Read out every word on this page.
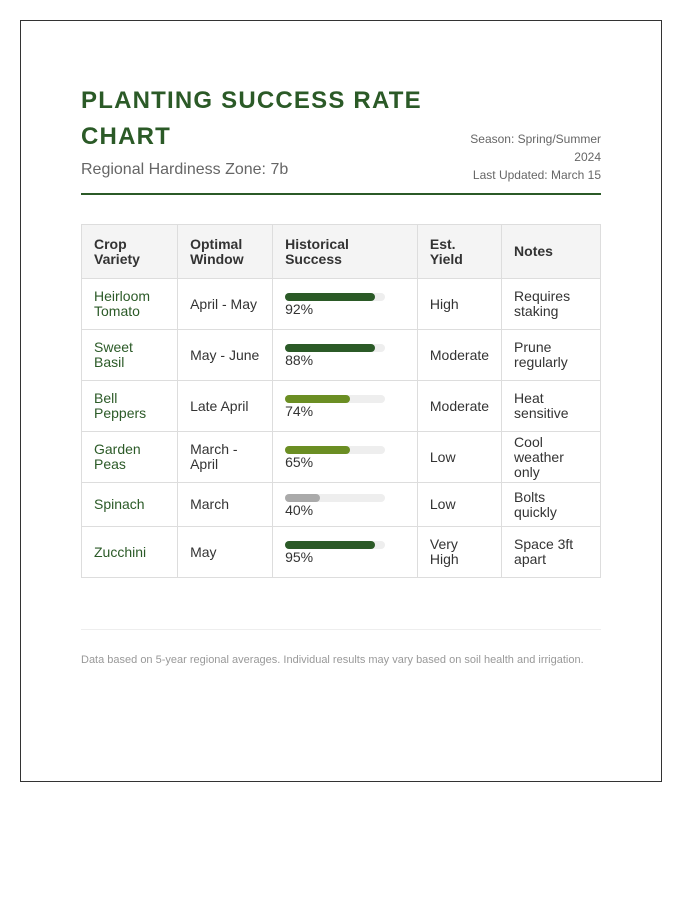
PLANTING SUCCESS RATE CHART
Regional Hardiness Zone: 7b
Season: Spring/Summer 2024
Last Updated: March 15
Crop Variety	Optimal Window	Historical Success	Est. Yield	Notes
Heirloom Tomato	April - May	92%	High	Requires staking
Sweet Basil	May - June	88%	Moderate	Prune regularly
Bell Peppers	Late April	74%	Moderate	Heat sensitive
Garden Peas	March - April	65%	Low	Cool weather only
Spinach	March	40%	Low	Bolts quickly
Zucchini	May	95%	Very High	Space 3ft apart
Data based on 5-year regional averages. Individual results may vary based on soil health and irrigation.
